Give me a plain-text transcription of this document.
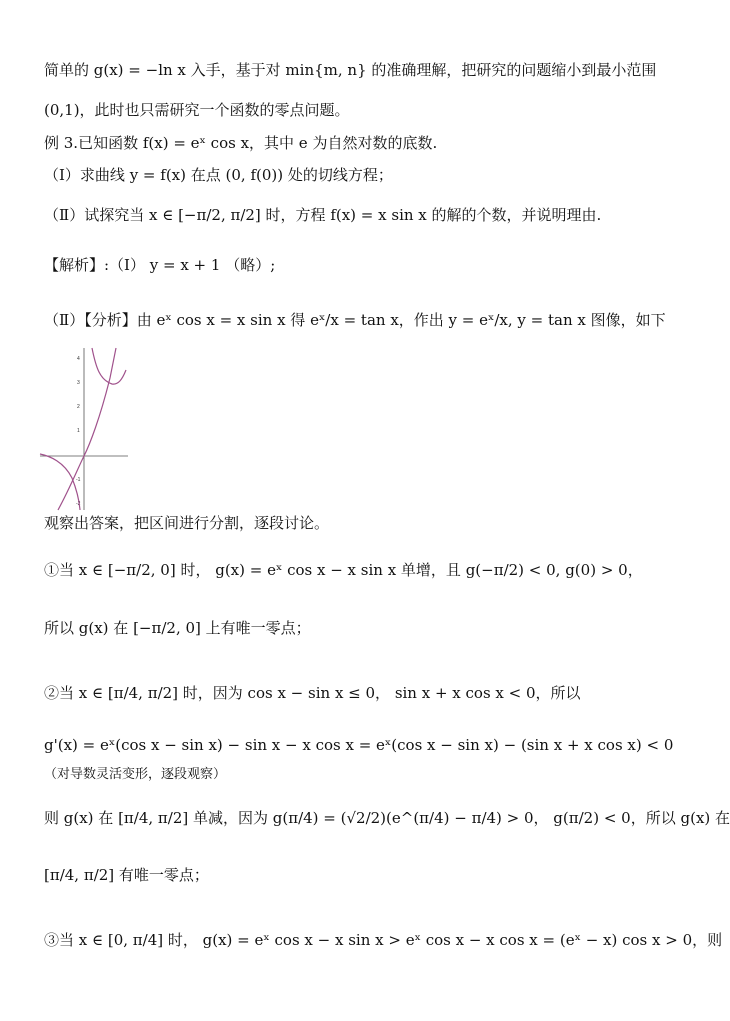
简单的 g(x) = −ln x 入手，基于对 min{m, n} 的准确理解，把研究的问题缩小到最小范围
(0,1)，此时也只需研究一个函数的零点问题。
例 3.已知函数 f(x) = eˣ cos x，其中 e 为自然对数的底数.
（I）求曲线 y = f(x) 在点 (0, f(0)) 处的切线方程；
（Ⅱ）试探究当 x ∈ [−π/2, π/2] 时，方程 f(x) = x sin x 的解的个数，并说明理由.
【解析】:（I） y = x + 1 （略）;
（Ⅱ）【分析】由 eˣ cos x = x sin x 得 eˣ/x = tan x，作出 y = eˣ/x, y = tan x 图像，如下
4
3
2
1
-1
-2
观察出答案，把区间进行分割，逐段讨论。
①当 x ∈ [−π/2, 0] 时， g(x) = eˣ cos x − x sin x 单增，且 g(−π/2) < 0, g(0) > 0，
所以 g(x) 在 [−π/2, 0] 上有唯一零点；
②当 x ∈ [π/4, π/2] 时，因为 cos x − sin x ≤ 0， sin x + x cos x < 0，所以
g'(x) = eˣ(cos x − sin x) − sin x − x cos x = eˣ(cos x − sin x) − (sin x + x cos x) < 0
（对导数灵活变形，逐段观察）
则 g(x) 在 [π/4, π/2] 单减，因为 g(π/4) = (√2/2)(e^(π/4) − π/4) > 0， g(π/2) < 0，所以 g(x) 在
[π/4, π/2] 有唯一零点；
③当 x ∈ [0, π/4] 时， g(x) = eˣ cos x − x sin x > eˣ cos x − x cos x = (eˣ − x) cos x > 0，则
